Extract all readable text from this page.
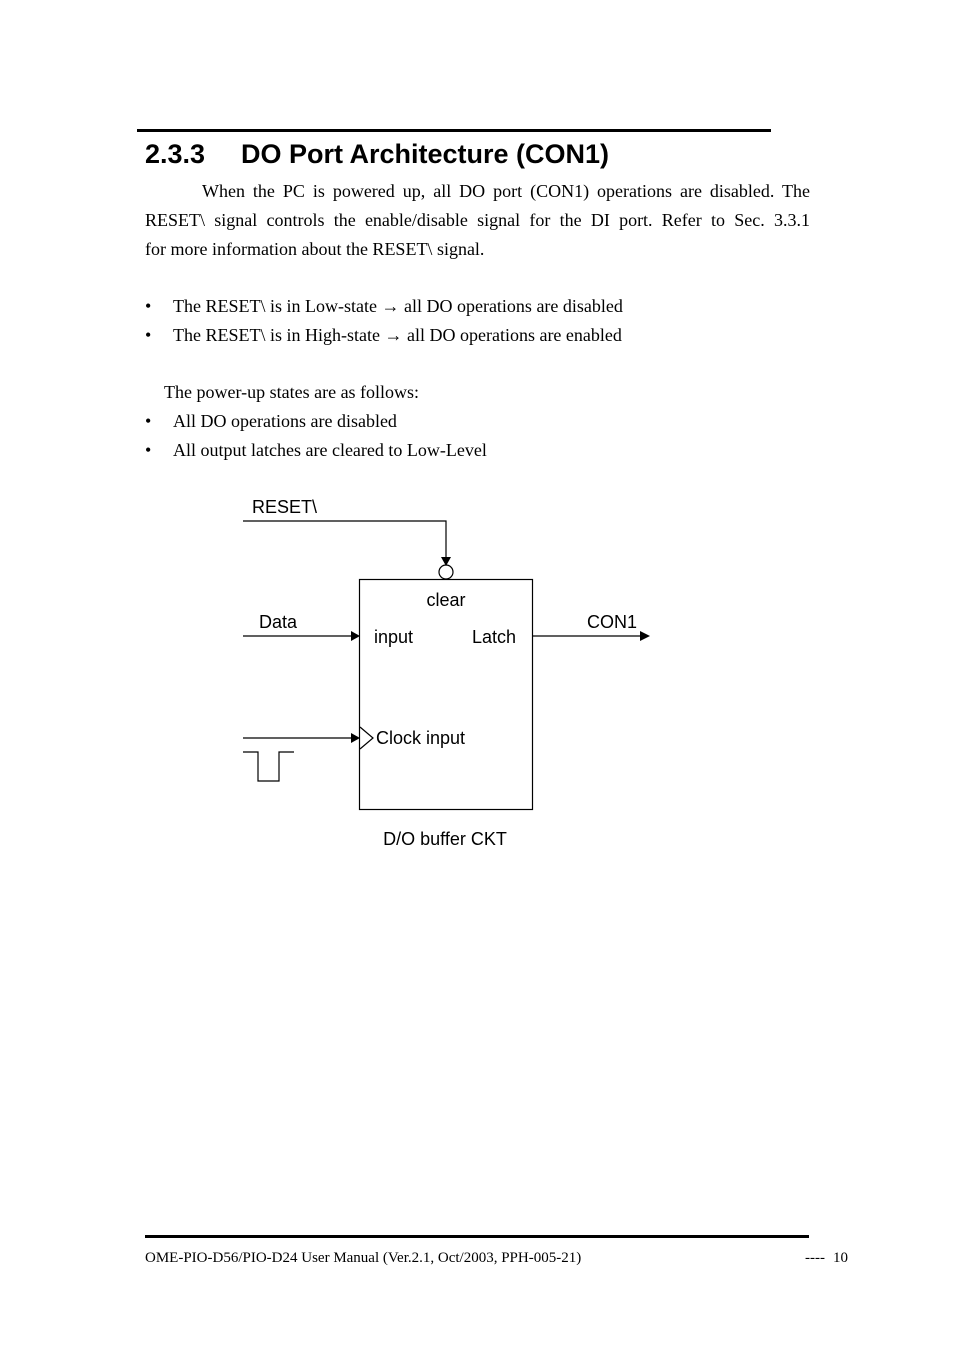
2.3.3 DO Port Architecture (CON1)
When the PC is powered up, all DO port (CON1) operations are disabled. The
RESET\ signal controls the enable/disable signal for the DI port. Refer to Sec. 3.3.1
for more information about the RESET\ signal.
• The RESET\ is in Low-state → all DO operations are disabled
• The RESET\ is in High-state → all DO operations are enabled
The power-up states are as follows:
• All DO operations are disabled
• All output latches are cleared to Low-Level
RESET\
Data
clear
input	Latch
CON1
Clock input
D/O buffer CKT
OME-PIO-D56/PIO-D24 User Manual (Ver.2.1, Oct/2003, PPH-005-21)	---- 10
